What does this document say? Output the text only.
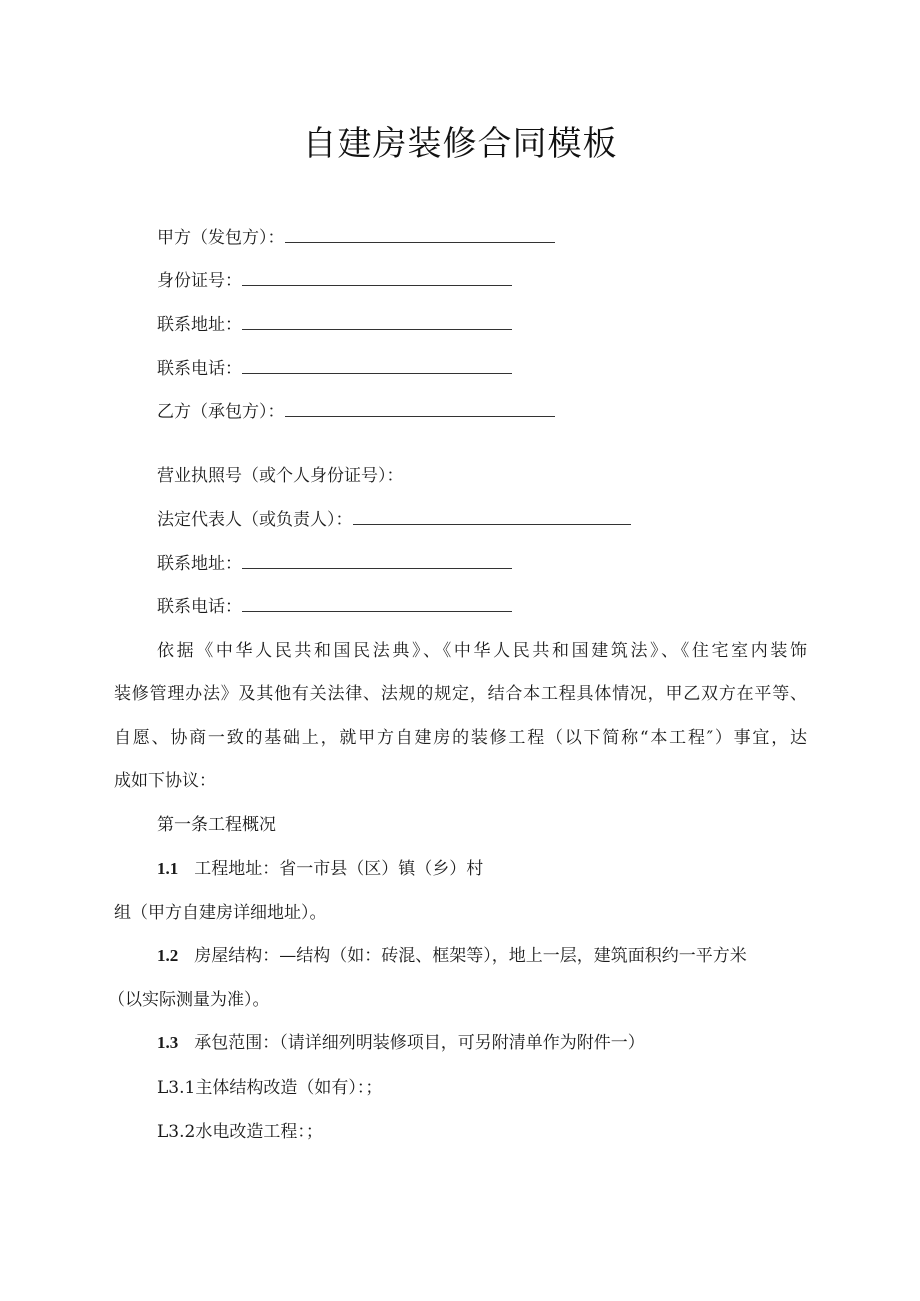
自建房装修合同模板
甲方（发包方）：
身份证号：
联系地址：
联系电话：
乙方（承包方）：
营业执照号（或个人身份证号）：
法定代表人（或负责人）：
联系地址：
联系电话：
依据《中华人民共和国民法典》、《中华人民共和国建筑法》、《住宅室内装饰
装修管理办法》及其他有关法律、法规的规定，结合本工程具体情况，甲乙双方在平等、
自愿、协商一致的基础上，就甲方自建房的装修工程（以下简称“本工程″）事宜，达
成如下协议：
第一条工程概况
1.1 工程地址：省一市县（区）镇（乡）村
组（甲方自建房详细地址）。
1.2 房屋结构：—结构（如：砖混、框架等），地上一层，建筑面积约一平方米
（以实际测量为准）。
1.3 承包范围：（请详细列明装修项目，可另附清单作为附件一）
L3.1主体结构改造（如有）：；
L3.2水电改造工程：；
